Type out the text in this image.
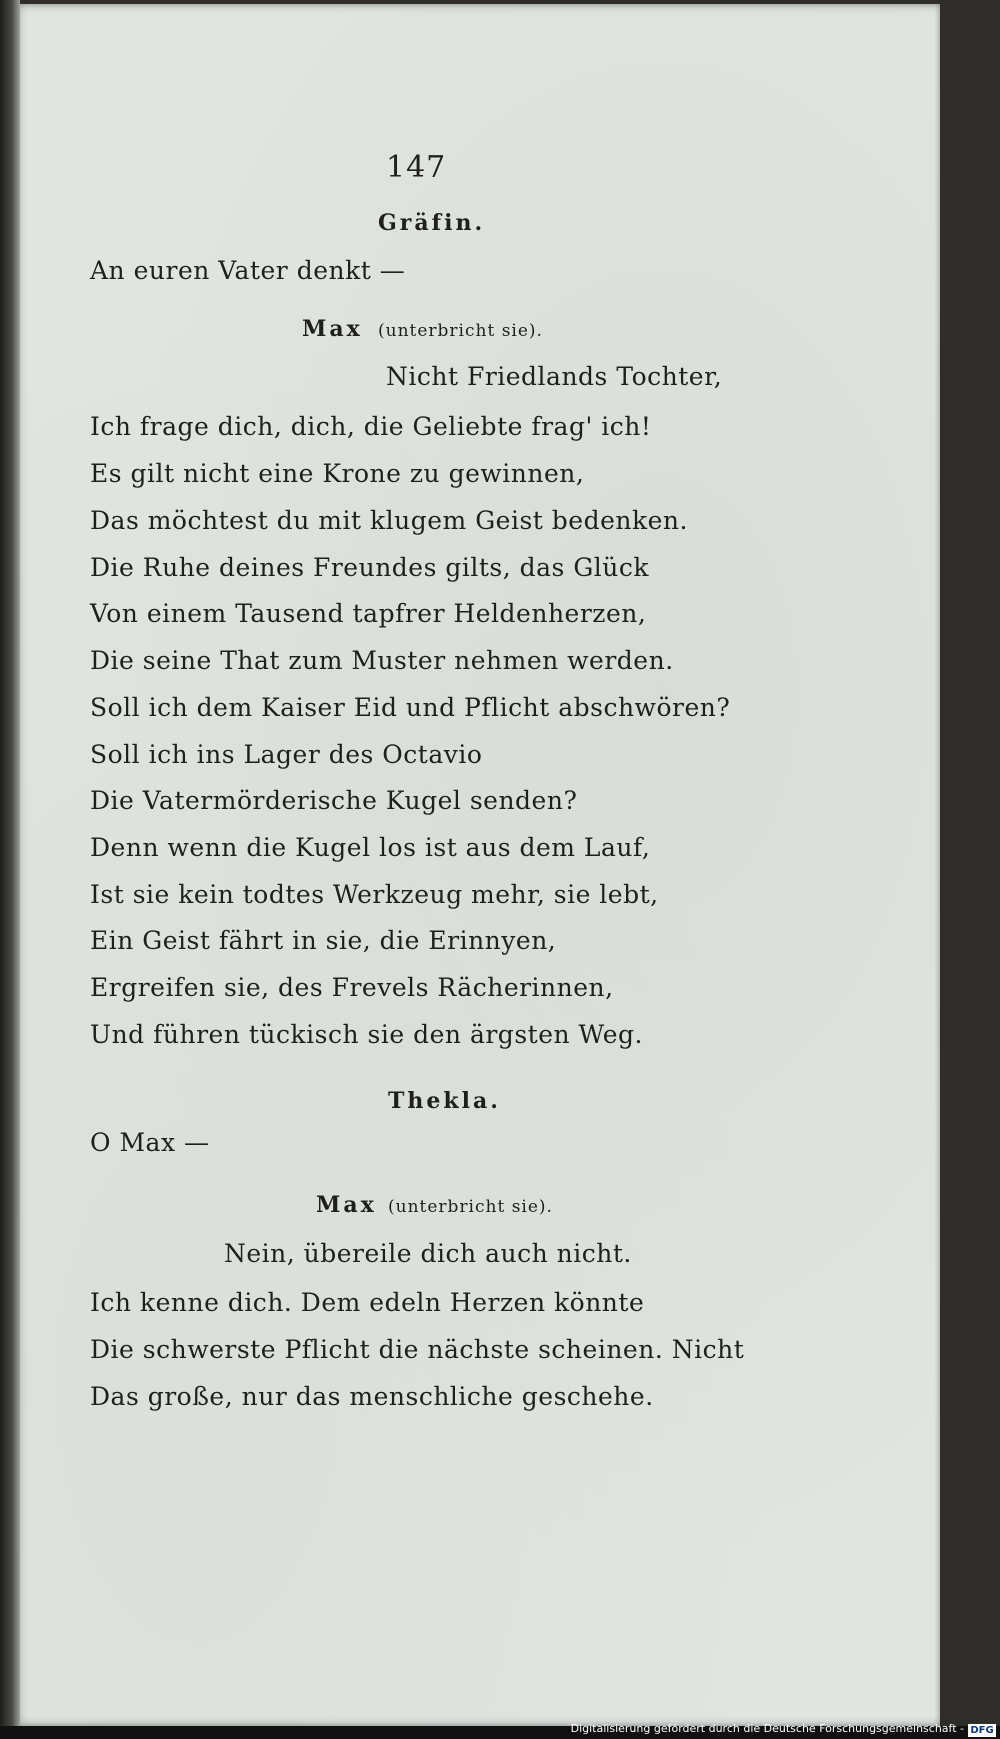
147
Gräfin.
An euren Vater denkt —
Max (unterbricht sie).
Nicht Friedlands Tochter,
Ich frage dich, dich, die Geliebte frag' ich!
Es gilt nicht eine Krone zu gewinnen,
Das möchtest du mit klugem Geist bedenken.
Die Ruhe deines Freundes gilts, das Glück
Von einem Tausend tapfrer Heldenherzen,
Die seine That zum Muster nehmen werden.
Soll ich dem Kaiser Eid und Pflicht abschwören?
Soll ich ins Lager des Octavio
Die Vatermörderische Kugel senden?
Denn wenn die Kugel los ist aus dem Lauf,
Ist sie kein todtes Werkzeug mehr, sie lebt,
Ein Geist fährt in sie, die Erinnyen,
Ergreifen sie, des Frevels Rächerinnen,
Und führen tückisch sie den ärgsten Weg.
Thekla.
O Max —
Max (unterbricht sie).
Nein, übereile dich auch nicht.
Ich kenne dich. Dem edeln Herzen könnte
Die schwerste Pflicht die nächste scheinen. Nicht
Das große, nur das menschliche geschehe.
Digitalisierung gefördert durch die Deutsche Forschungsgemeinschaft - DFG
